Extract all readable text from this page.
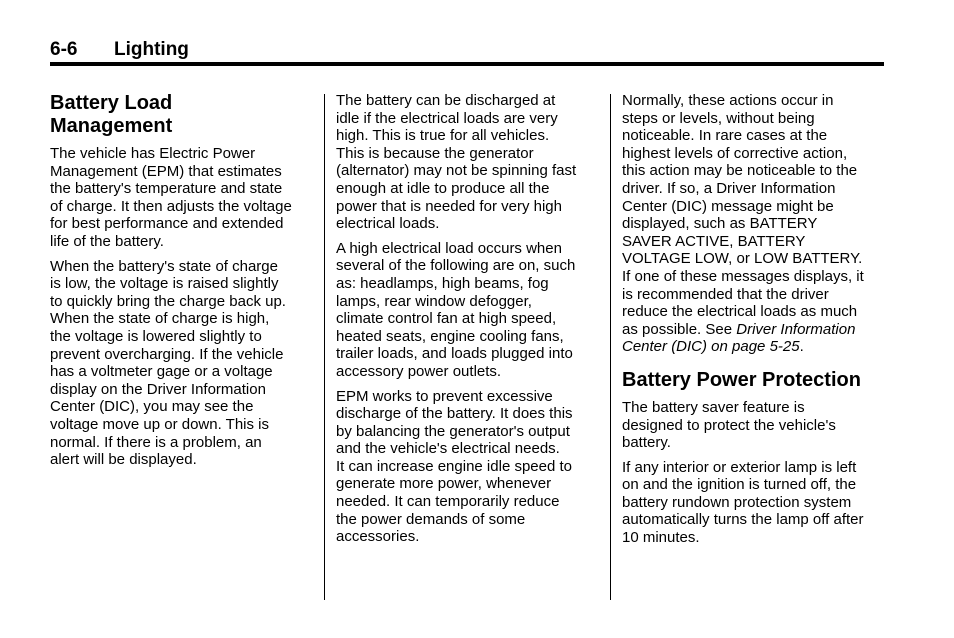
6-6 Lighting
Battery Load
Management

The vehicle has Electric Power
Management (EPM) that estimates
the battery's temperature and state
of charge. It then adjusts the voltage
for best performance and extended
life of the battery.

When the battery's state of charge
is low, the voltage is raised slightly
to quickly bring the charge back up.
When the state of charge is high,
the voltage is lowered slightly to
prevent overcharging. If the vehicle
has a voltmeter gage or a voltage
display on the Driver Information
Center (DIC), you may see the
voltage move up or down. This is
normal. If there is a problem, an
alert will be displayed.

The battery can be discharged at
idle if the electrical loads are very
high. This is true for all vehicles.
This is because the generator
(alternator) may not be spinning fast
enough at idle to produce all the
power that is needed for very high
electrical loads.

A high electrical load occurs when
several of the following are on, such
as: headlamps, high beams, fog
lamps, rear window defogger,
climate control fan at high speed,
heated seats, engine cooling fans,
trailer loads, and loads plugged into
accessory power outlets.

EPM works to prevent excessive
discharge of the battery. It does this
by balancing the generator's output
and the vehicle's electrical needs.
It can increase engine idle speed to
generate more power, whenever
needed. It can temporarily reduce
the power demands of some
accessories.

Normally, these actions occur in
steps or levels, without being
noticeable. In rare cases at the
highest levels of corrective action,
this action may be noticeable to the
driver. If so, a Driver Information
Center (DIC) message might be
displayed, such as BATTERY
SAVER ACTIVE, BATTERY
VOLTAGE LOW, or LOW BATTERY.
If one of these messages displays, it
is recommended that the driver
reduce the electrical loads as much
as possible. See Driver Information
Center (DIC) on page 5-25.

Battery Power Protection

The battery saver feature is
designed to protect the vehicle's
battery.

If any interior or exterior lamp is left
on and the ignition is turned off, the
battery rundown protection system
automatically turns the lamp off after
10 minutes.
